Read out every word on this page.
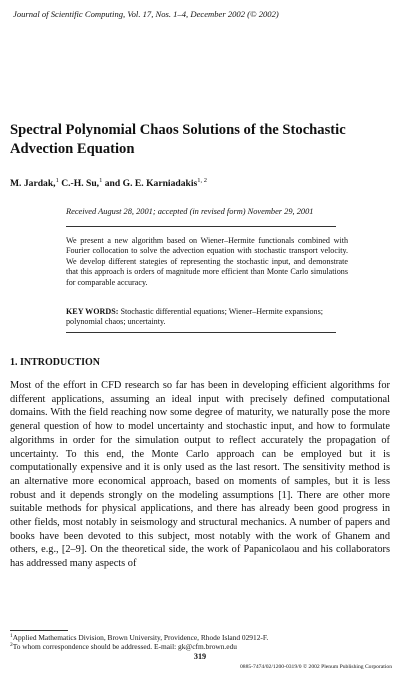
Journal of Scientific Computing, Vol. 17, Nos. 1–4, December 2002 (© 2002)
Spectral Polynomial Chaos Solutions of the Stochastic Advection Equation
M. Jardak,$^1$ C.-H. Su,$^1$ and G. E. Karniadakis$^{1, 2}$
Received August 28, 2001; accepted (in revised form) November 29, 2001
We present a new algorithm based on Wiener–Hermite functionals combined with Fourier collocation to solve the advection equation with stochastic transport velocity. We develop different stategies of representing the stochastic input, and demonstrate that this approach is orders of magnitude more efficient than Monte Carlo simulations for comparable accuracy.
KEY WORDS: Stochastic differential equations; Wiener–Hermite expansions; polynomial chaos; uncertainty.
1. INTRODUCTION
Most of the effort in CFD research so far has been in developing efficient algorithms for different applications, assuming an ideal input with precisely defined computational domains. With the field reaching now some degree of maturity, we naturally pose the more general question of how to model uncertainty and stochastic input, and how to formulate algorithms in order for the simulation output to reflect accurately the propagation of uncertainty. To this end, the Monte Carlo approach can be employed but it is computationally expensive and it is only used as the last resort. The sensitivity method is an alternative more economical approach, based on moments of samples, but it is less robust and it depends strongly on the modeling assumptions [1]. There are other more suitable methods for physical applications, and there has already been good progress in other fields, most notably in seismology and structural mechanics. A number of papers and books have been devoted to this subject, most notably with the work of Ghanem and others, e.g., [2–9]. On the theoretical side, the work of Papanicolaou and his collaborators has addressed many aspects of
$^1$Applied Mathematics Division, Brown University, Providence, Rhode Island 02912-F.
$^2$To whom correspondence should be addressed. E-mail: gk@cfm.brown.edu
319
0885-7474/02/1200-0319/0 © 2002 Plenum Publishing Corporation
